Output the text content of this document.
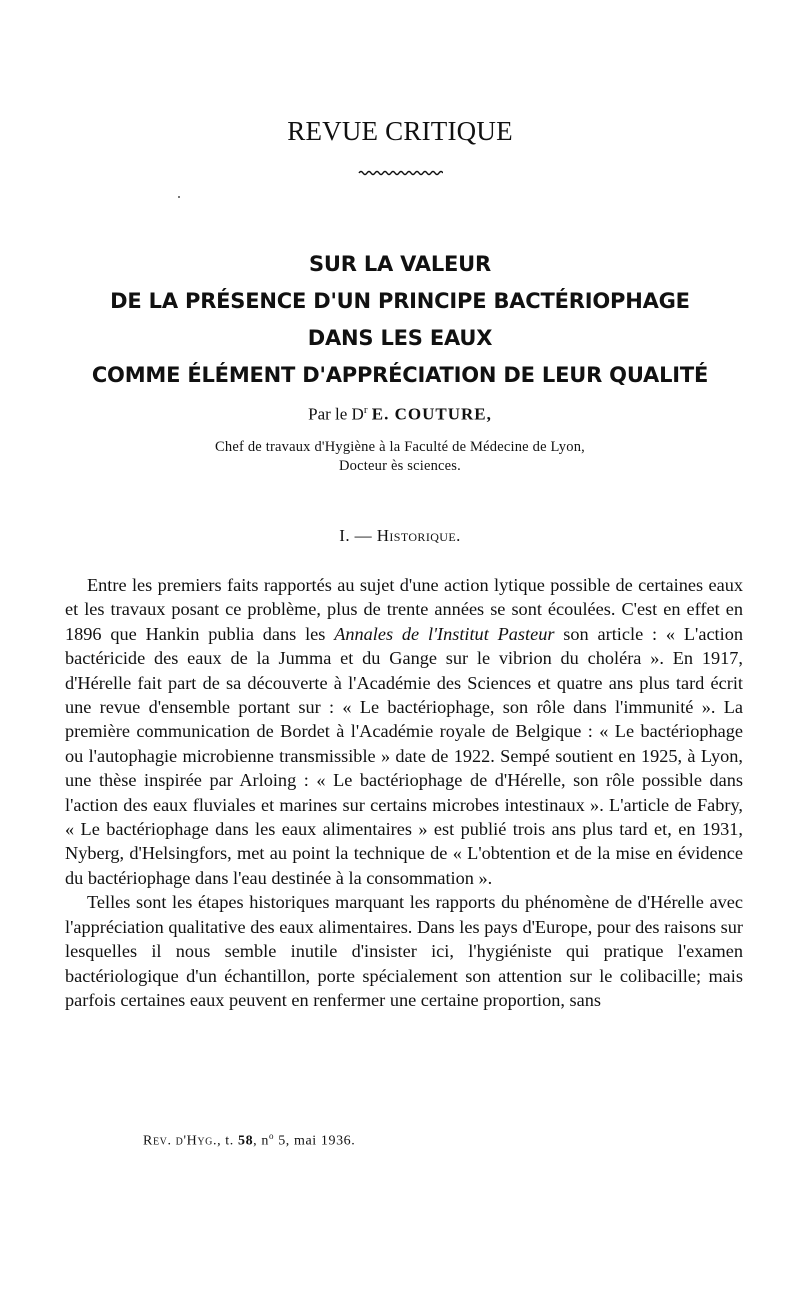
REVUE CRITIQUE
SUR LA VALEUR
DE LA PRÉSENCE D'UN PRINCIPE BACTÉRIOPHAGE
DANS LES EAUX
COMME ÉLÉMENT D'APPRÉCIATION DE LEUR QUALITÉ
Par le $D^r$ E. COUTURE,
Chef de travaux d'Hygiène à la Faculté de Médecine de Lyon,
Docteur ès sciences.
I. — Historique.

Entre les premiers faits rapportés au sujet d'une action lytique possible de certaines eaux et les travaux posant ce problème, plus de trente années se sont écoulées. C'est en effet en 1896 que Hankin publia dans les Annales de l'Institut Pasteur son article : « L'action bactéricide des eaux de la Jumma et du Gange sur le vibrion du choléra ». En 1917, d'Hérelle fait part de sa découverte à l'Académie des Sciences et quatre ans plus tard écrit une revue d'ensemble portant sur : « Le bactériophage, son rôle dans l'immunité ». La première communication de Bordet à l'Académie royale de Belgique : « Le bactériophage ou l'autophagie microbienne transmissible » date de 1922. Sempé soutient en 1925, à Lyon, une thèse inspirée par Arloing : « Le bactériophage de d'Hérelle, son rôle possible dans l'action des eaux fluviales et marines sur certains microbes intestinaux ». L'article de Fabry, « Le bactériophage dans les eaux alimentaires » est publié trois ans plus tard et, en 1931, Nyberg, d'Helsingfors, met au point la technique de « L'obtention et de la mise en évidence du bactériophage dans l'eau destinée à la consommation ».

Telles sont les étapes historiques marquant les rapports du phénomène de d'Hérelle avec l'appréciation qualitative des eaux alimentaires. Dans les pays d'Europe, pour des raisons sur lesquelles il nous semble inutile d'insister ici, l'hygiéniste qui pratique l'examen bactériologique d'un échantillon, porte spécialement son attention sur le colibacille; mais parfois certaines eaux peuvent en renfermer une certaine proportion, sans

Rev. d'Hyg., t. 58, $n^o$ 5, mai 1936.
